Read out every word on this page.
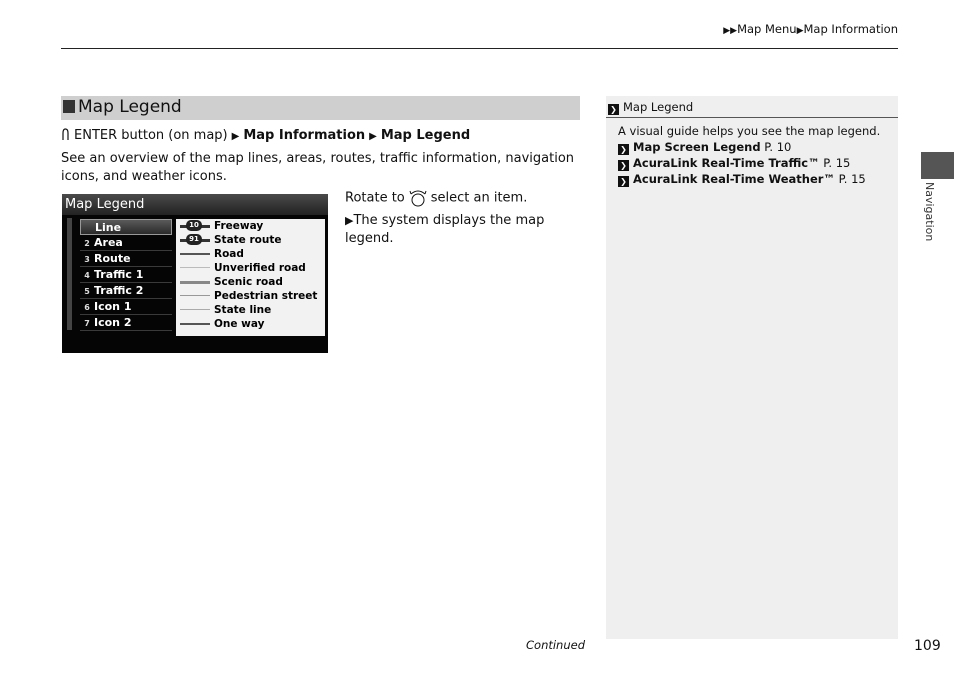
▶▶Map Menu▶Map Information
Map Legend
ENTER button (on map) ▶ Map Information ▶ Map Legend
See an overview of the map lines, areas, routes, traffic information, navigation icons, and weather icons.
Map Legend
Line
2 Area
3 Route
4 Traffic 1
5 Traffic 2
6 Icon 1
7 Icon 2
10 Freeway
91 State route
Road
Unverified road
Scenic road
Pedestrian street
State line
One way
Rotate to select an item.
▶The system displays the map legend.
❯ Map Legend
A visual guide helps you see the map legend.
❯ Map Screen Legend P. 10
❯ AcuraLink Real-Time Traffic™ P. 15
❯ AcuraLink Real-Time Weather™ P. 15
Navigation
Continued	109
